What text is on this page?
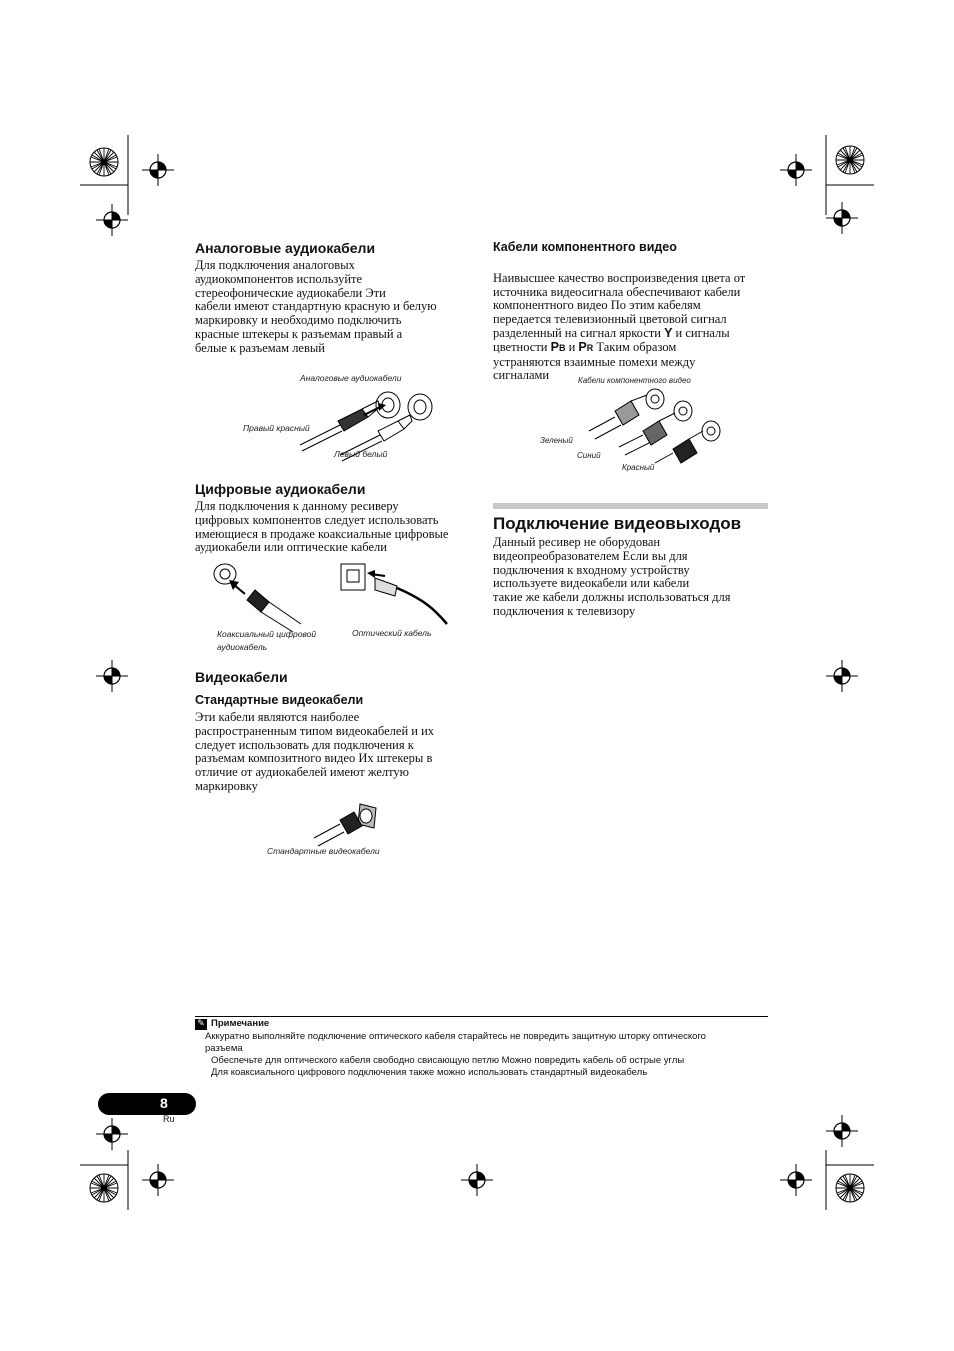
Аналоговые аудиокабели
Для подключения аналоговых
аудиокомпонентов используйте
стереофонические аудиокабели Эти
кабели имеют стандартную красную и белую
маркировку и необходимо подключить
красные штекеры к разъемам правый а
белые к разъемам левый
Аналоговые аудиокабели
Правый красный
Левый белый
Цифровые аудиокабели
Для подключения к данному ресиверу
цифровых компонентов следует использовать
имеющиеся в продаже коаксиальные цифровые
аудиокабели или оптические кабели
Коаксиальный цифровой
аудиокабель
Оптический кабель
Видеокабели
Стандартные видеокабели
Эти кабели являются наиболее
распространенным типом видеокабелей и их
следует использовать для подключения к
разъемам композитного видео Их штекеры в
отличие от аудиокабелей имеют желтую
маркировку
Стандартные видеокабели
Кабели компонентного видео

Наивысшее качество воспроизведения цвета от
источника видеосигнала обеспечивают кабели
компонентного видео По этим кабелям
передается телевизионный цветовой сигнал
разделенный на сигнал яркости Y и сигналы
цветности PB и PR Таким образом
устраняются взаимные помехи между
сигналами	Кабели компонентного видео
Зеленый
Синий
Красный
Подключение видеовыходов
Данный ресивер не оборудован
видеопреобразователем Если вы для
подключения к входному устройству
используете видеокабели или кабели
такие же кабели должны использоваться для
подключения к телевизору
✎ Примечание
Аккуратно выполняйте подключение оптического кабеля старайтесь не повредить защитную шторку оптического
разъема
Обеспечьте для оптического кабеля свободно свисающую петлю Можно повредить кабель об острые углы
Для коаксиального цифрового подключения также можно использовать стандартный видеокабель
8
Ru
